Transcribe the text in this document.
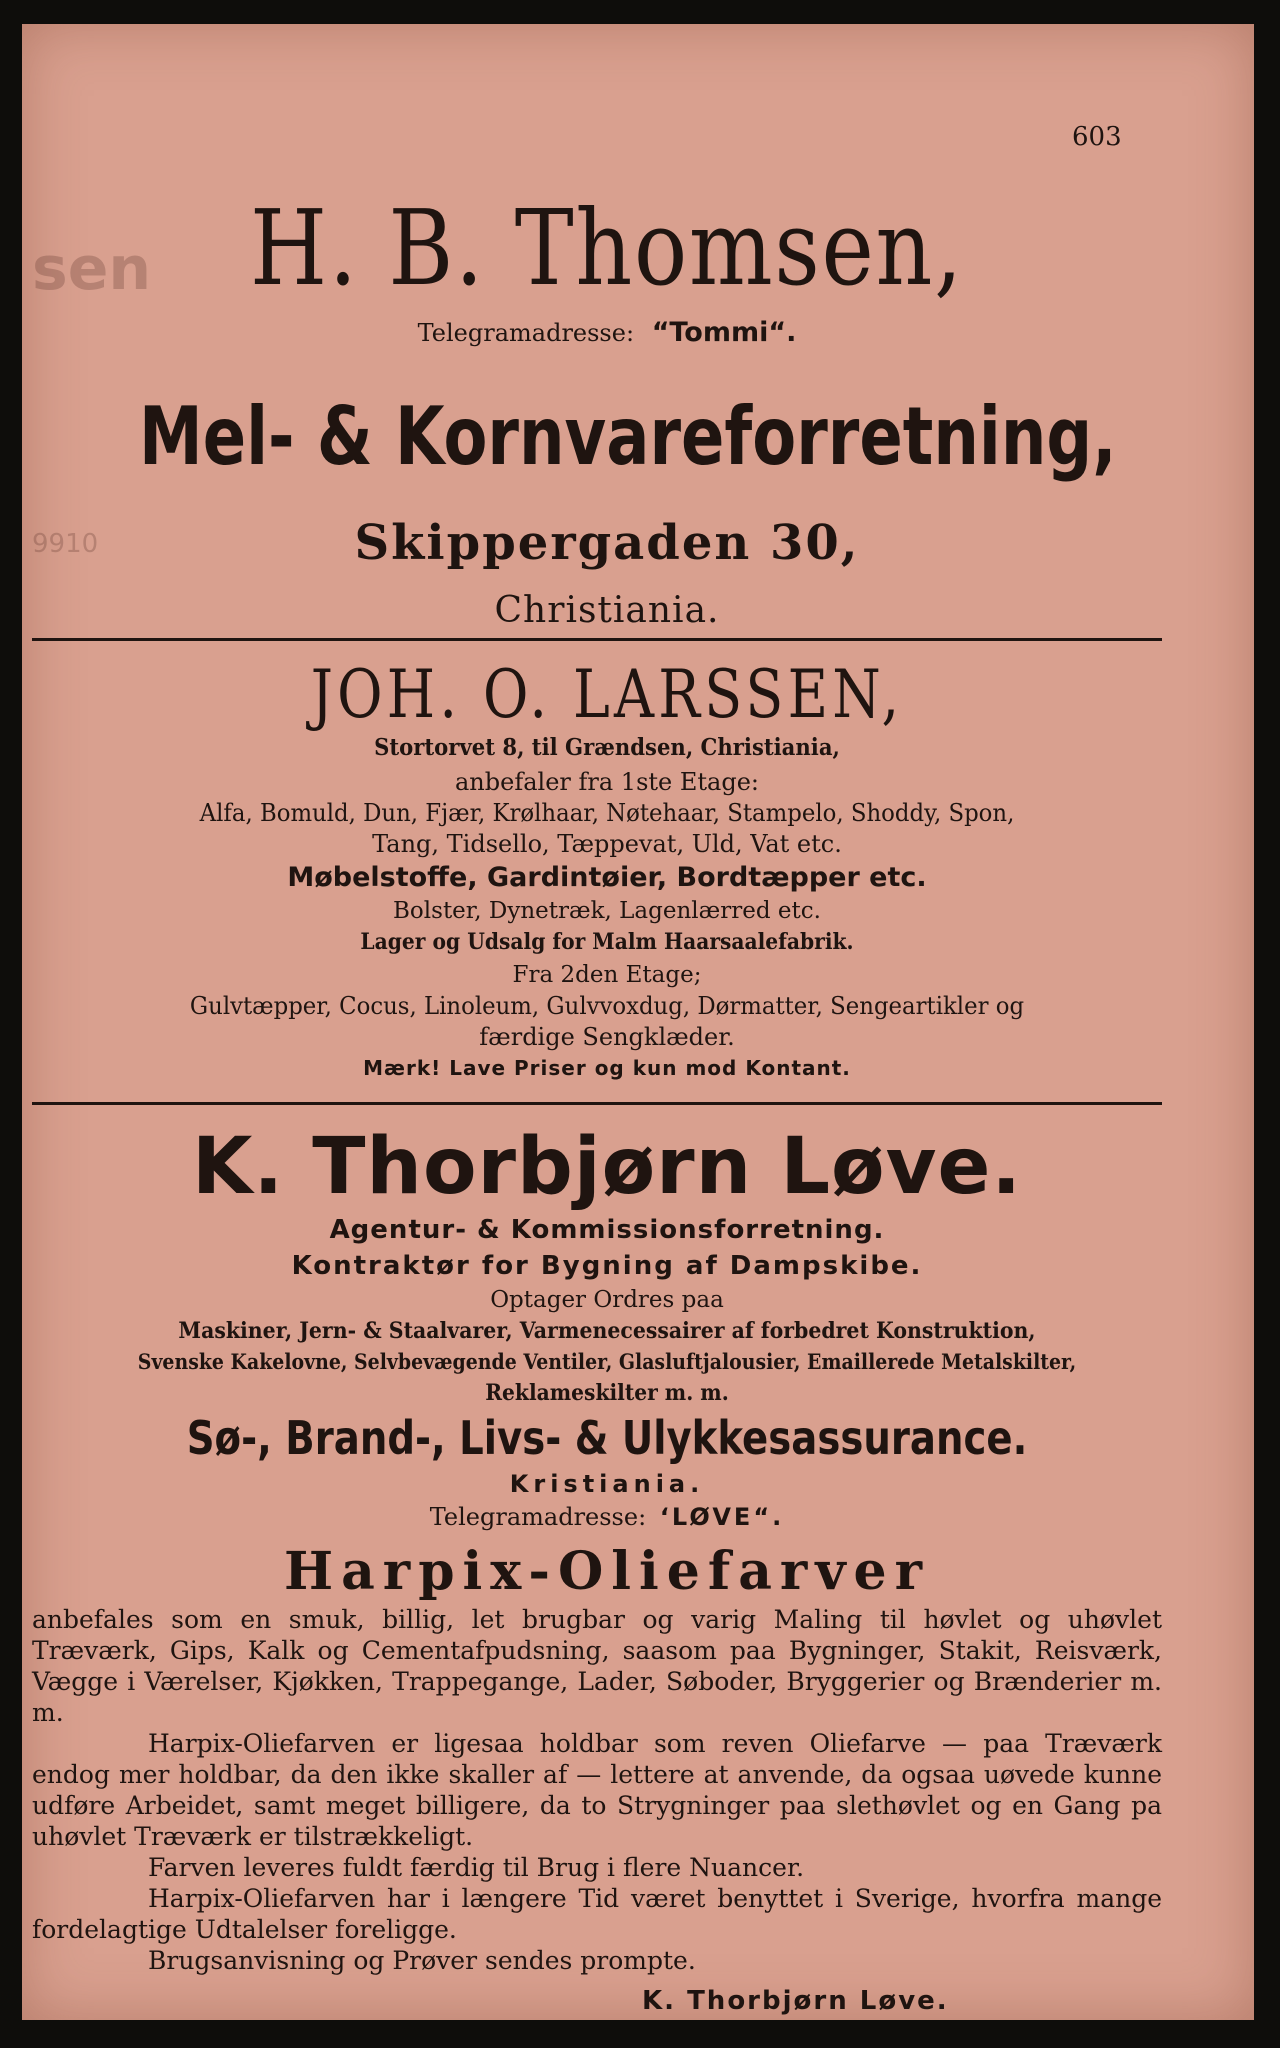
sen
9910
603
H. B. Thomsen,
Telegramadresse: “Tommi“.
Mel- & Kornvareforretning,
Skippergaden 30,
Christiania.
JOH. O. LARSSEN,
Stortorvet 8, til Grændsen, Christiania,
anbefaler fra 1ste Etage:
Alfa, Bomuld, Dun, Fjær, Krølhaar, Nøtehaar, Stampelo, Shoddy, Spon,
Tang, Tidsello, Tæppevat, Uld, Vat etc.
Møbelstoffe, Gardintøier, Bordtæpper etc.
Bolster, Dynetræk, Lagenlærred etc.
Lager og Udsalg for Malm Haarsaalefabrik.
Fra 2den Etage;
Gulvtæpper, Cocus, Linoleum, Gulvvoxdug, Dørmatter, Sengeartikler og
færdige Sengklæder.
Mærk! Lave Priser og kun mod Kontant.
K. Thorbjørn Løve.
Agentur- & Kommissionsforretning.
Kontraktør for Bygning af Dampskibe.
Optager Ordres paa
Maskiner, Jern- & Staalvarer, Varmenecessairer af forbedret Konstruktion,
Svenske Kakelovne, Selvbevægende Ventiler, Glasluftjalousier, Emaillerede Metalskilter,
Reklameskilter m. m.
Sø-, Brand-, Livs- & Ulykkesassurance.
Kristiania.
Telegramadresse: ‘LØVE“.
Harpix-Oliefarver

anbefales som en smuk, billig, let brugbar og varig Maling til høvlet og uhøvlet Træværk, Gips, Kalk og Cementafpudsning, saasom paa Bygninger, Stakit, Reisværk, Vægge i Værelser, Kjøkken, Trappegange, Lader, Søboder, Bryggerier og Brænderier m. m.

Harpix-Oliefarven er ligesaa holdbar som reven Oliefarve — paa Træværk endog mer holdbar, da den ikke skaller af — lettere at anvende, da ogsaa uøvede kunne udføre Arbeidet, samt meget billigere, da to Strygninger paa slethøvlet og en Gang pa uhøvlet Træværk er tilstrækkeligt.

Farven leveres fuldt færdig til Brug i flere Nuancer.

Harpix-Oliefarven har i længere Tid været benyttet i Sverige, hvorfra mange fordelagtige Udtalelser foreligge.

Brugsanvisning og Prøver sendes prompte.

K. Thorbjørn Løve.
